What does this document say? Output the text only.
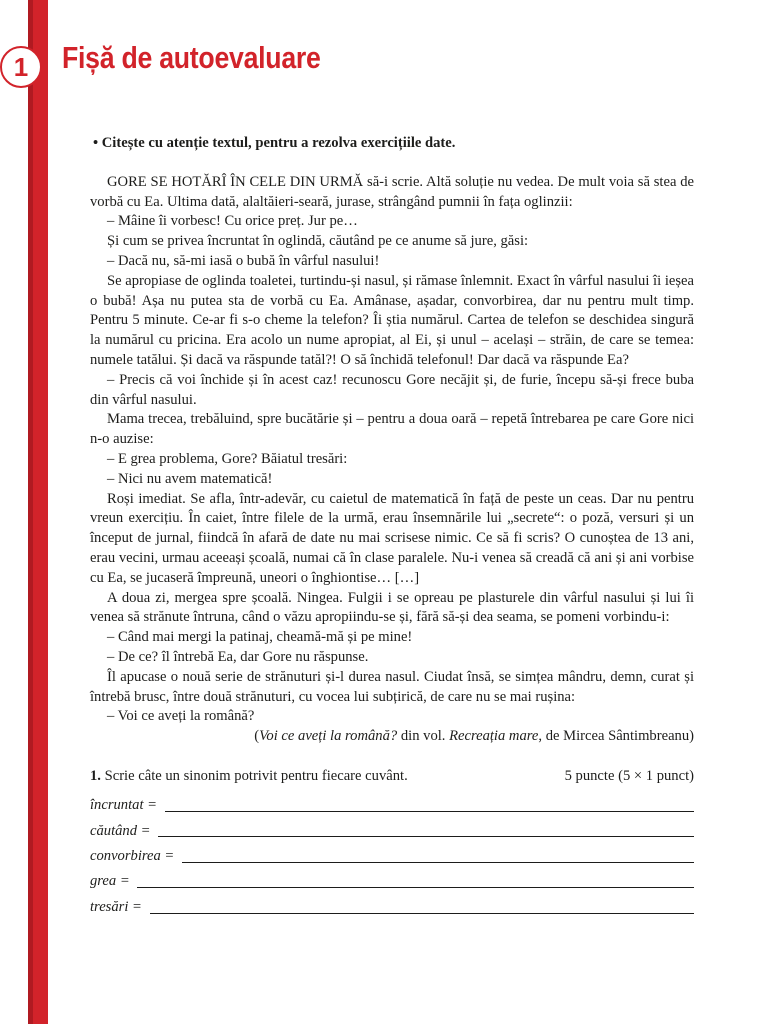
1	Fișă de autoevaluare

• Citește cu atenție textul, pentru a rezolva exercițiile date.

GORE SE HOTĂRÎ ÎN CELE DIN URMĂ să-i scrie. Altă soluție nu vedea. De mult voia să stea de vorbă cu Ea. Ultima dată, alaltăieri-seară, jurase, strângând pumnii în fața oglinzii:

– Mâine îi vorbesc! Cu orice preț. Jur pe…

Și cum se privea încruntat în oglindă, căutând pe ce anume să jure, găsi:

– Dacă nu, să-mi iasă o bubă în vârful nasului!

Se apropiase de oglinda toaletei, turtindu-și nasul, și rămase înlemnit. Exact în vârful nasului îi ieșea o bubă! Așa nu putea sta de vorbă cu Ea. Amânase, așadar, convorbirea, dar nu pentru mult timp. Pentru 5 minute. Ce-ar fi s-o cheme la telefon? Îi știa numărul. Cartea de telefon se deschidea singură la numărul cu pricina. Era acolo un nume apropiat, al Ei, și unul – același – străin, de care se temea: numele tatălui. Și dacă va răspunde tatăl?! O să închidă telefonul! Dar dacă va răspunde Ea?

– Precis că voi închide și în acest caz! recunoscu Gore necăjit și, de furie, începu să-și frece buba din vârful nasului.

Mama trecea, trebăluind, spre bucătărie și – pentru a doua oară – repetă întrebarea pe care Gore nici n-o auzise:

– E grea problema, Gore? Băiatul tresări:

– Nici nu avem matematică!

Roși imediat. Se afla, într-adevăr, cu caietul de matematică în față de peste un ceas. Dar nu pentru vreun exercițiu. În caiet, între filele de la urmă, erau însemnările lui „secrete“: o poză, versuri și un început de jurnal, fiindcă în afară de date nu mai scrisese nimic. Ce să fi scris? O cunoștea de 13 ani, erau vecini, urmau aceeași școală, numai că în clase paralele. Nu-i venea să creadă că ani și ani vorbise cu Ea, se jucaseră împreună, uneori o înghiontise… […]

A doua zi, mergea spre școală. Ningea. Fulgii i se opreau pe plasturele din vârful nasului și lui îi venea să strănute întruna, când o văzu apropiindu-se și, fără să-și dea seama, se pomeni vorbindu-i:

– Când mai mergi la patinaj, cheamă-mă și pe mine!

– De ce? îl întrebă Ea, dar Gore nu răspunse.

Îl apucase o nouă serie de strănuturi și-l durea nasul. Ciudat însă, se simțea mândru, demn, curat și întrebă brusc, între două strănuturi, cu vocea lui subțirică, de care nu se mai rușina:

– Voi ce aveți la română?

(Voi ce aveți la română? din vol. Recreația mare, de Mircea Sântimbreanu)

1. Scrie câte un sinonim potrivit pentru fiecare cuvânt.	5 puncte (5 × 1 punct)
încruntat =
căutând =
convorbirea =
grea =
tresări =
